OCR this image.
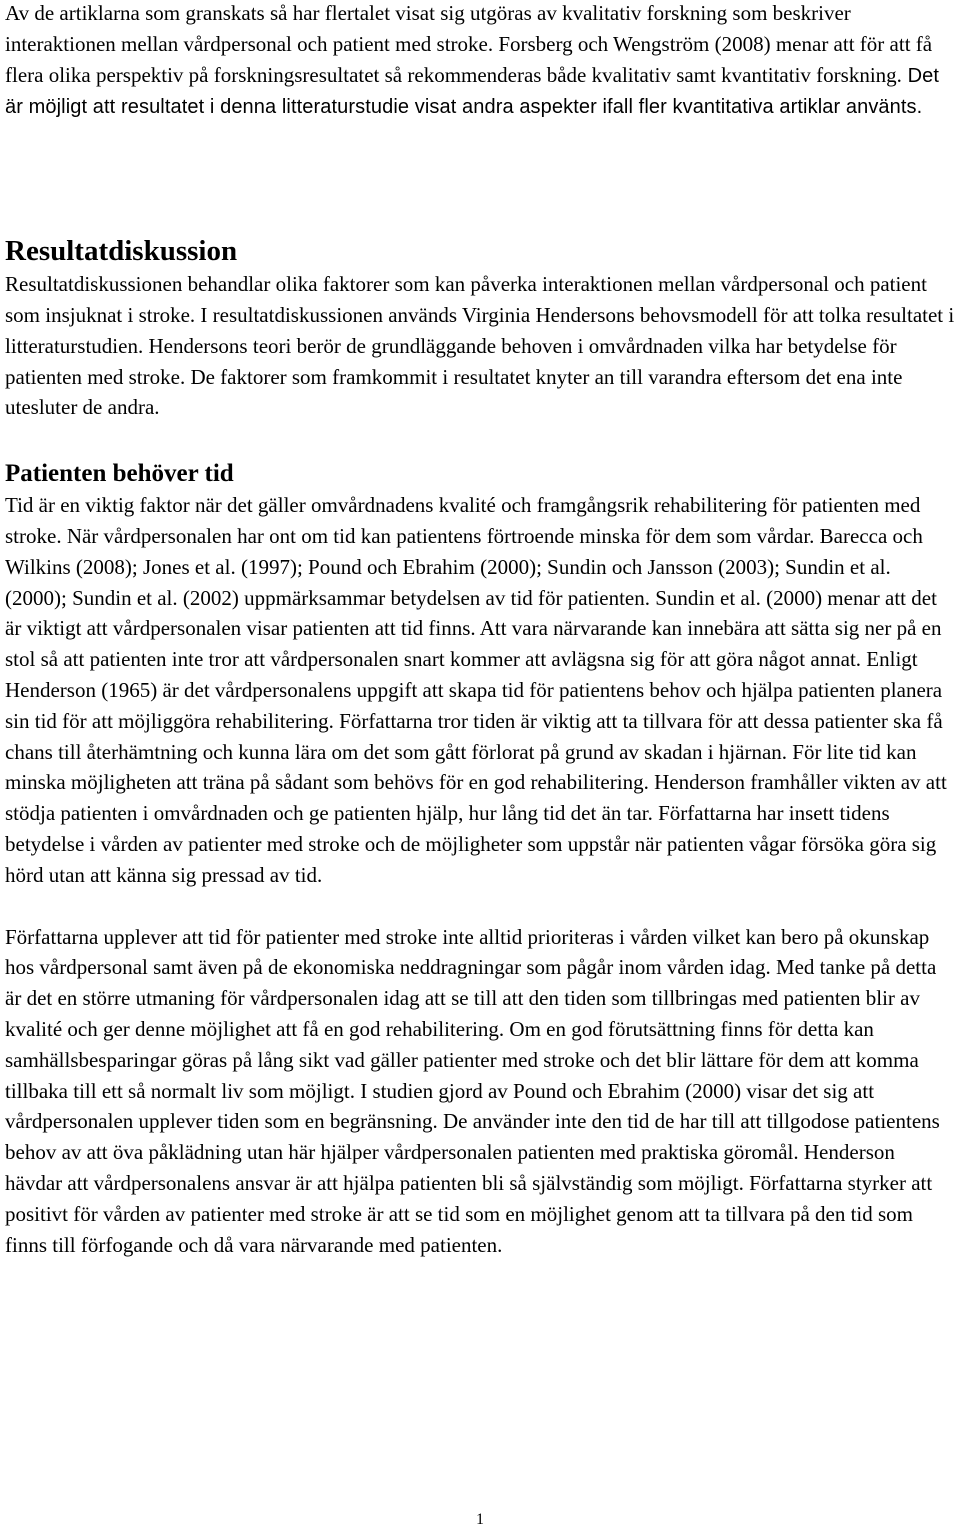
Av de artiklarna som granskats så har flertalet visat sig utgöras av kvalitativ forskning som beskriver interaktionen mellan vårdpersonal och patient med stroke. Forsberg och Wengström (2008) menar att för att få flera olika perspektiv på forskningsresultatet så rekommenderas både kvalitativ samt kvantitativ forskning. Det är möjligt att resultatet i denna litteraturstudie visat andra aspekter ifall fler kvantitativa artiklar använts.

Resultatdiskussion

Resultatdiskussionen behandlar olika faktorer som kan påverka interaktionen mellan vårdpersonal och patient som insjuknat i stroke. I resultatdiskussionen används Virginia Hendersons behovsmodell för att tolka resultatet i litteraturstudien. Hendersons teori berör de grundläggande behoven i omvårdnaden vilka har betydelse för patienten med stroke. De faktorer som framkommit i resultatet knyter an till varandra eftersom det ena inte utesluter de andra.

Patienten behöver tid

Tid är en viktig faktor när det gäller omvårdnadens kvalité och framgångsrik rehabilitering för patienten med stroke. När vårdpersonalen har ont om tid kan patientens förtroende minska för dem som vårdar. Barecca och Wilkins (2008); Jones et al. (1997); Pound och Ebrahim (2000); Sundin och Jansson (2003); Sundin et al. (2000); Sundin et al. (2002) uppmärksammar betydelsen av tid för patienten. Sundin et al. (2000) menar att det är viktigt att vårdpersonalen visar patienten att tid finns. Att vara närvarande kan innebära att sätta sig ner på en stol så att patienten inte tror att vårdpersonalen snart kommer att avlägsna sig för att göra något annat. Enligt Henderson (1965) är det vårdpersonalens uppgift att skapa tid för patientens behov och hjälpa patienten planera sin tid för att möjliggöra rehabilitering. Författarna tror tiden är viktig att ta tillvara för att dessa patienter ska få chans till återhämtning och kunna lära om det som gått förlorat på grund av skadan i hjärnan. För lite tid kan minska möjligheten att träna på sådant som behövs för en god rehabilitering. Henderson framhåller vikten av att stödja patienten i omvårdnaden och ge patienten hjälp, hur lång tid det än tar. Författarna har insett tidens betydelse i vården av patienter med stroke och de möjligheter som uppstår när patienten vågar försöka göra sig hörd utan att känna sig pressad av tid.

Författarna upplever att tid för patienter med stroke inte alltid prioriteras i vården vilket kan bero på okunskap hos vårdpersonal samt även på de ekonomiska neddragningar som pågår inom vården idag. Med tanke på detta är det en större utmaning för vårdpersonalen idag att se till att den tiden som tillbringas med patienten blir av kvalité och ger denne möjlighet att få en god rehabilitering. Om en god förutsättning finns för detta kan samhällsbesparingar göras på lång sikt vad gäller patienter med stroke och det blir lättare för dem att komma tillbaka till ett så normalt liv som möjligt. I studien gjord av Pound och Ebrahim (2000) visar det sig att vårdpersonalen upplever tiden som en begränsning. De använder inte den tid de har till att tillgodose patientens behov av att öva påklädning utan här hjälper vårdpersonalen patienten med praktiska göromål. Henderson hävdar att vårdpersonalens ansvar är att hjälpa patienten bli så självständig som möjligt. Författarna styrker att positivt för vården av patienter med stroke är att se tid som en möjlighet genom att ta tillvara på den tid som finns till förfogande och då vara närvarande med patienten.

1
